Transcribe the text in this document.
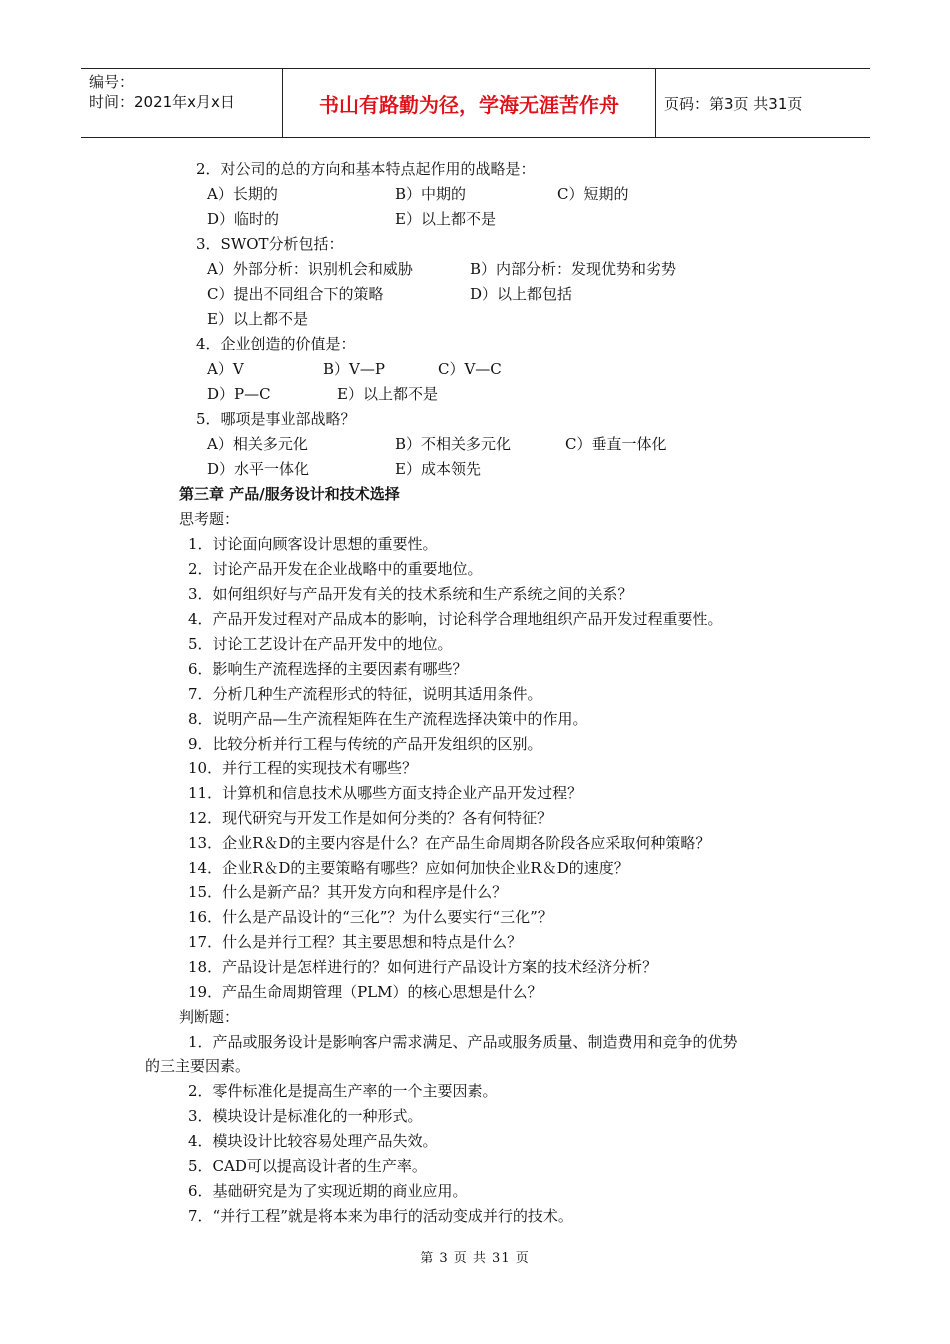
编号：
时间：2021年x月x日	书山有路勤为径，学海无涯苦作舟	页码：第3页 共31页
2．对公司的总的方向和基本特点起作用的战略是：
A）长期的	B）中期的	C）短期的
D）临时的	E）以上都不是
3．SWOT分析包括：
A）外部分析：识别机会和威胁	B）内部分析：发现优势和劣势
C）提出不同组合下的策略	D）以上都包括
E）以上都不是
4．企业创造的价值是：
A）V	B）V—P	C）V—C
D）P—C	E）以上都不是
5．哪项是事业部战略？
A）相关多元化	B）不相关多元化	C）垂直一体化
D）水平一体化	E）成本领先
第三章 产品/服务设计和技术选择
思考题：
1．讨论面向顾客设计思想的重要性。
2．讨论产品开发在企业战略中的重要地位。
3．如何组织好与产品开发有关的技术系统和生产系统之间的关系？
4．产品开发过程对产品成本的影响，讨论科学合理地组织产品开发过程重要性。
5．讨论工艺设计在产品开发中的地位。
6．影响生产流程选择的主要因素有哪些？
7．分析几种生产流程形式的特征，说明其适用条件。
8．说明产品—生产流程矩阵在生产流程选择决策中的作用。
9．比较分析并行工程与传统的产品开发组织的区别。
10．并行工程的实现技术有哪些？
11．计算机和信息技术从哪些方面支持企业产品开发过程？
12．现代研究与开发工作是如何分类的？各有何特征？
13．企业R＆D的主要内容是什么？在产品生命周期各阶段各应采取何种策略？
14．企业R＆D的主要策略有哪些？应如何加快企业R＆D的速度？
15．什么是新产品？其开发方向和程序是什么？
16．什么是产品设计的“三化”？为什么要实行“三化”？
17．什么是并行工程？其主要思想和特点是什么？
18．产品设计是怎样进行的？如何进行产品设计方案的技术经济分析？
19．产品生命周期管理（PLM）的核心思想是什么？
判断题：
1．产品或服务设计是影响客户需求满足、产品或服务质量、制造费用和竞争的优势
的三主要因素。
2．零件标准化是提高生产率的一个主要因素。
3．模块设计是标准化的一种形式。
4．模块设计比较容易处理产品失效。
5．CAD可以提高设计者的生产率。
6．基础研究是为了实现近期的商业应用。
7．“并行工程”就是将本来为串行的活动变成并行的技术。
第 3 页 共 31 页
